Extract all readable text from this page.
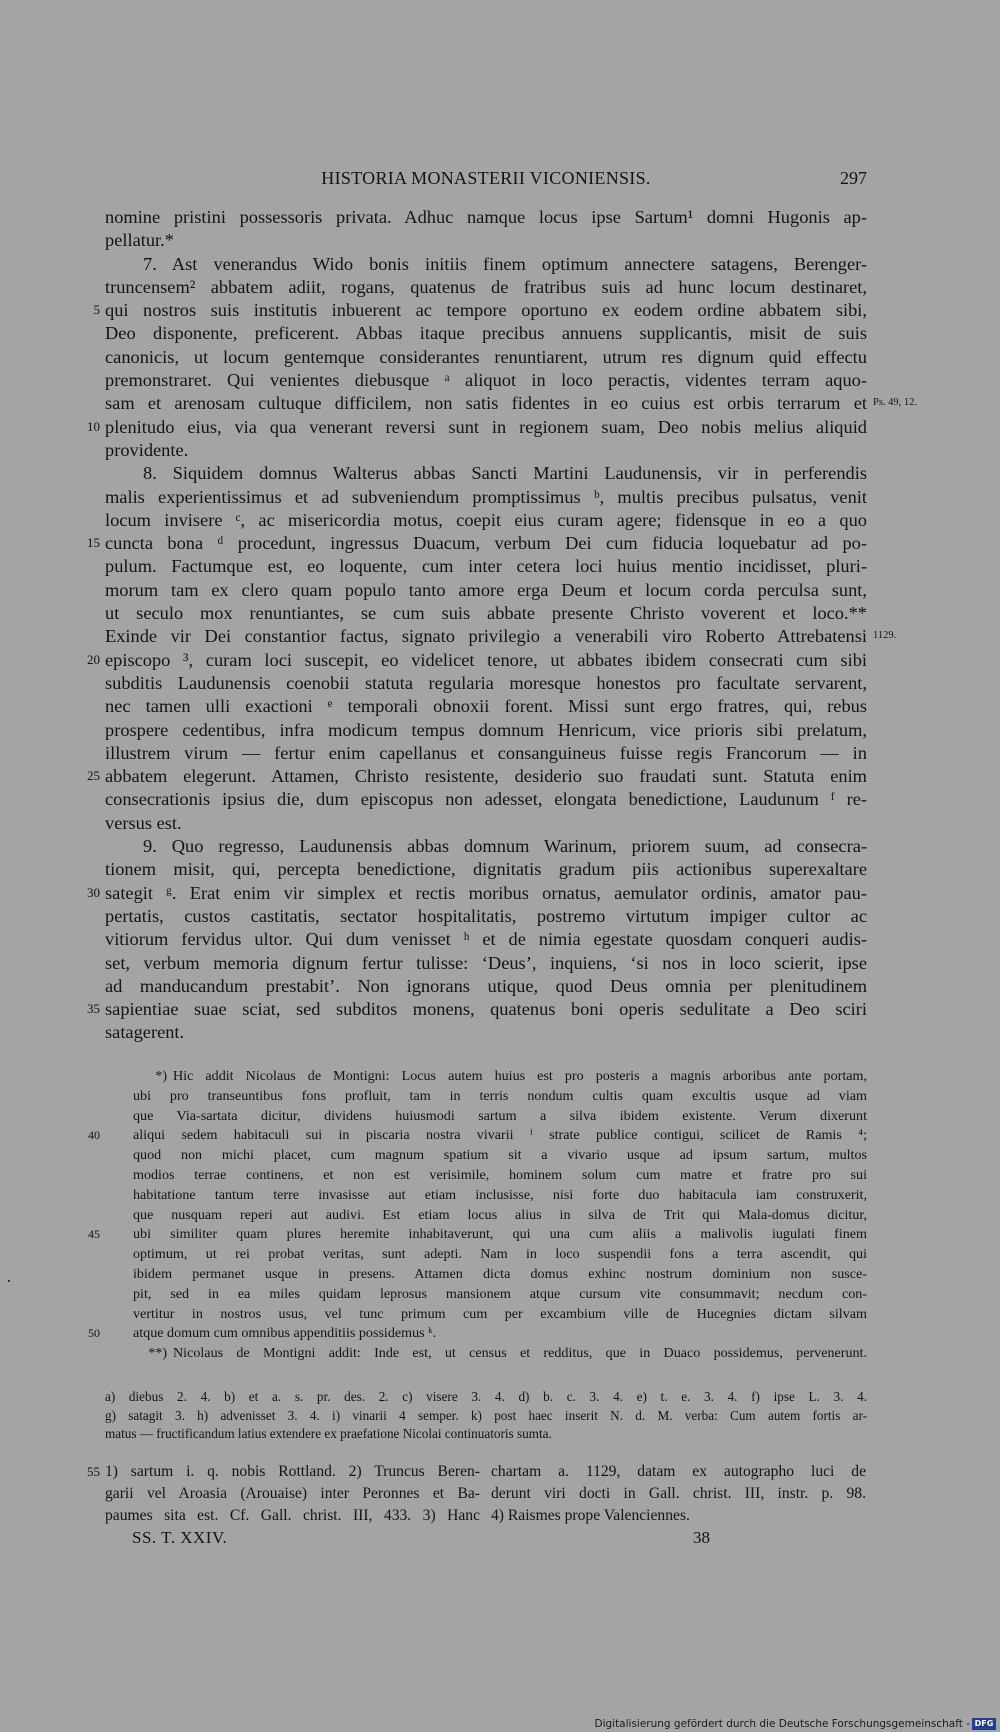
HISTORIA MONASTERII VICONIENSIS.	297
nomine pristini possessoris privata. Adhuc namque locus ipse Sartum¹ domni Hugonis ap-
pellatur.*
7. Ast venerandus Wido bonis initiis finem optimum annectere satagens, Berenger-
truncensem² abbatem adiit, rogans, quatenus de fratribus suis ad hunc locum destinaret,
qui nostros suis institutis inbuerent ac tempore oportuno ex eodem ordine abbatem sibi,
5
Deo disponente, preficerent. Abbas itaque precibus annuens supplicantis, misit de suis
canonicis, ut locum gentemque considerantes renuntiarent, utrum res dignum quid effectu
premonstraret. Qui venientes diebusque ᵃ aliquot in loco peractis, videntes terram aquo-
sam et arenosam cultuque difficilem, non satis fidentes in eo cuius est orbis terrarum et Ps. 49, 12.
plenitudo eius, via qua venerant reversi sunt in regionem suam, Deo nobis melius aliquid
10
providente.
8. Siquidem domnus Walterus abbas Sancti Martini Laudunensis, vir in perferendis
malis experientissimus et ad subveniendum promptissimus ᵇ, multis precibus pulsatus, venit
locum invisere ᶜ, ac misericordia motus, coepit eius curam agere; fidensque in eo a quo
cuncta bona ᵈ procedunt, ingressus Duacum, verbum Dei cum fiducia loquebatur ad po-
15
pulum. Factumque est, eo loquente, cum inter cetera loci huius mentio incidisset, pluri-
morum tam ex clero quam populo tanto amore erga Deum et locum corda perculsa sunt,
ut seculo mox renuntiantes, se cum suis abbate presente Christo voverent et loco.**
Exinde vir Dei constantior factus, signato privilegio a venerabili viro Roberto Attrebatensi 1129.
episcopo ³, curam loci suscepit, eo videlicet tenore, ut abbates ibidem consecrati cum sibi
20
subditis Laudunensis coenobii statuta regularia moresque honestos pro facultate servarent,
nec tamen ulli exactioni ᵉ temporali obnoxii forent. Missi sunt ergo fratres, qui, rebus
prospere cedentibus, infra modicum tempus domnum Henricum, vice prioris sibi prelatum,
illustrem virum — fertur enim capellanus et consanguineus fuisse regis Francorum — in
abbatem elegerunt. Attamen, Christo resistente, desiderio suo fraudati sunt. Statuta enim
25
consecrationis ipsius die, dum episcopus non adesset, elongata benedictione, Laudunum ᶠ re-
versus est.
9. Quo regresso, Laudunensis abbas domnum Warinum, priorem suum, ad consecra-
tionem misit, qui, percepta benedictione, dignitatis gradum piis actionibus superexaltare
sategit ᵍ. Erat enim vir simplex et rectis moribus ornatus, aemulator ordinis, amator pau-
30
pertatis, custos castitatis, sectator hospitalitatis, postremo virtutum impiger cultor ac
vitiorum fervidus ultor. Qui dum venisset ʰ et de nimia egestate quosdam conqueri audis-
set, verbum memoria dignum fertur tulisse: ‘Deus’, inquiens, ‘si nos in loco scierit, ipse
ad manducandum prestabit’. Non ignorans utique, quod Deus omnia per plenitudinem
sapientiae suae sciat, sed subditos monens, quatenus boni operis sedulitate a Deo sciri
35
satagerent.
*) Hic addit Nicolaus de Montigni: Locus autem huius est pro posteris a magnis arboribus ante portam,
ubi pro transeuntibus fons profluit, tam in terris nondum cultis quam excultis usque ad viam
que Via-sartata dicitur, dividens huiusmodi sartum a silva ibidem existente. Verum dixerunt
aliqui sedem habitaculi sui in piscaria nostra vivarii ⁱ strate publice contigui, scilicet de Ramis ⁴;
40
quod non michi placet, cum magnum spatium sit a vivario usque ad ipsum sartum, multos
modios terrae continens, et non est verisimile, hominem solum cum matre et fratre pro sui
habitatione tantum terre invasisse aut etiam inclusisse, nisi forte duo habitacula iam construxerit,
que nusquam reperi aut audivi. Est etiam locus alius in silva de Trit qui Mala-domus dicitur,
ubi similiter quam plures heremite inhabitaverunt, qui una cum aliis a malivolis iugulati finem
45
optimum, ut rei probat veritas, sunt adepti. Nam in loco suspendii fons a terra ascendit, qui
ibidem permanet usque in presens. Attamen dicta domus exhinc nostrum dominium non susce-
pit, sed in ea miles quidam leprosus mansionem atque cursum vite consummavit; necdum con-
vertitur in nostros usus, vel tunc primum cum per excambium ville de Hucegnies dictam silvam
atque domum cum omnibus appenditiis possidemus ᵏ.
50
**) Nicolaus de Montigni addit: Inde est, ut census et redditus, que in Duaco possidemus, pervenerunt.
a) diebus 2. 4. b) et a. s. pr. des. 2. c) visere 3. 4. d) b. c. 3. 4. e) t. e. 3. 4. f) ipse L. 3. 4.
g) satagit 3. h) advenisset 3. 4. i) vinarii 4 semper. k) post haec inserit N. d. M. verba: Cum autem fortis ar-
matus — fructificandum latius extendere ex praefatione Nicolai continuatoris sumta.
55 1) sartum i. q. nobis Rottland. 2) Truncus Beren-
garii vel Aroasia (Arouaise) inter Peronnes et Ba-
paumes sita est. Cf. Gall. christ. III, 433. 3) Hanc
chartam a. 1129, datam ex autographo luci de
derunt viri docti in Gall. christ. III, instr. p. 98.
4) Raismes prope Valenciennes.
SS. T. XXIV.	38
Digitalisierung gefördert durch die Deutsche Forschungsgemeinschaft - DFG
